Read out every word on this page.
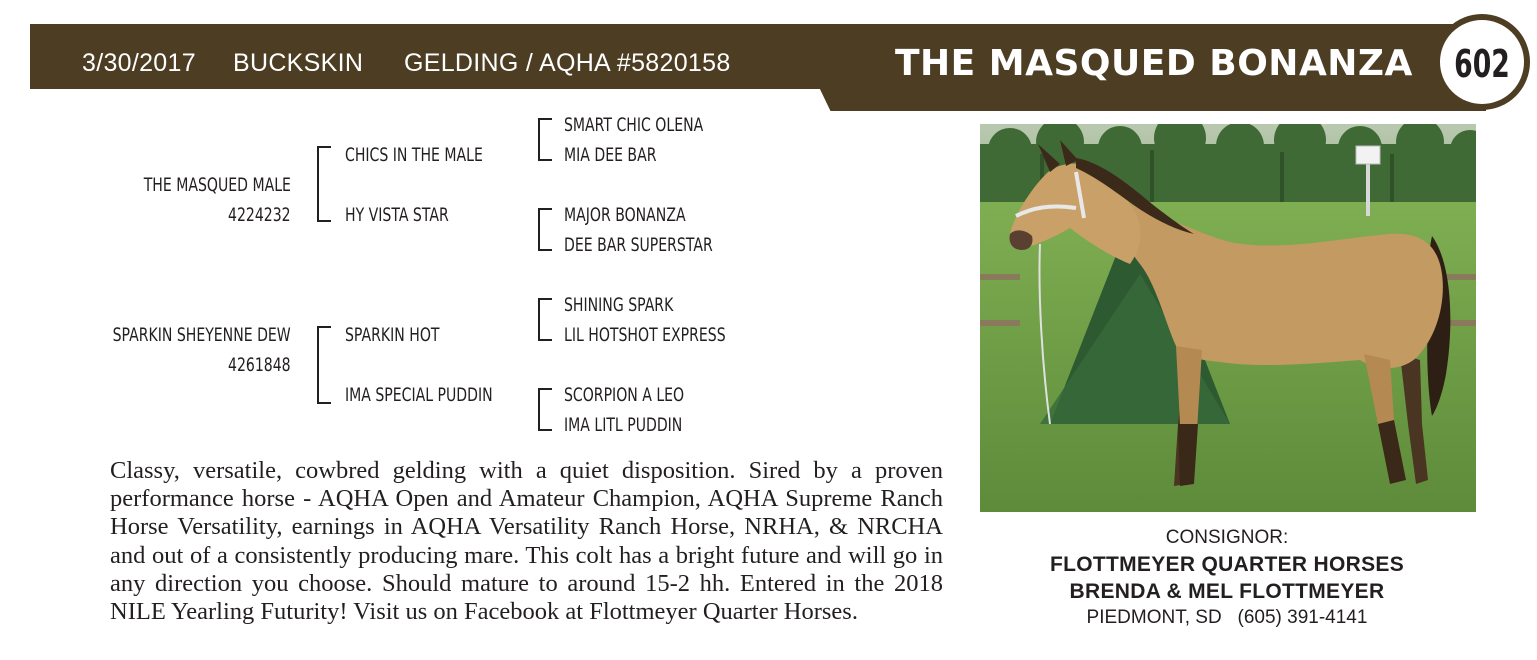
3/30/2017 BUCKSKIN GELDING / AQHA #5820158	THE MASQUED BONANZA 602
THE MASQUED MALE
4224232
SPARKIN SHEYENNE DEW
4261848
CHICS IN THE MALE
HY VISTA STAR
SPARKIN HOT
IMA SPECIAL PUDDIN
SMART CHIC OLENA
MIA DEE BAR
MAJOR BONANZA
DEE BAR SUPERSTAR
SHINING SPARK
LIL HOTSHOT EXPRESS
SCORPION A LEO
IMA LITL PUDDIN
Classy, versatile, cowbred gelding with a quiet disposition. Sired by a proven performance horse - AQHA Open and Amateur Champion, AQHA Supreme Ranch Horse Versatility, earnings in AQHA Versatility Ranch Horse, NRHA, & NRCHA and out of a consistently producing mare. This colt has a bright future and will go in any direction you choose. Should mature to around 15-2 hh. Entered in the 2018 NILE Yearling Futurity! Visit us on Facebook at Flottmeyer Quarter Horses.
CONSIGNOR:
FLOTTMEYER QUARTER HORSES
BRENDA & MEL FLOTTMEYER
PIEDMONT, SD (605) 391-4141
